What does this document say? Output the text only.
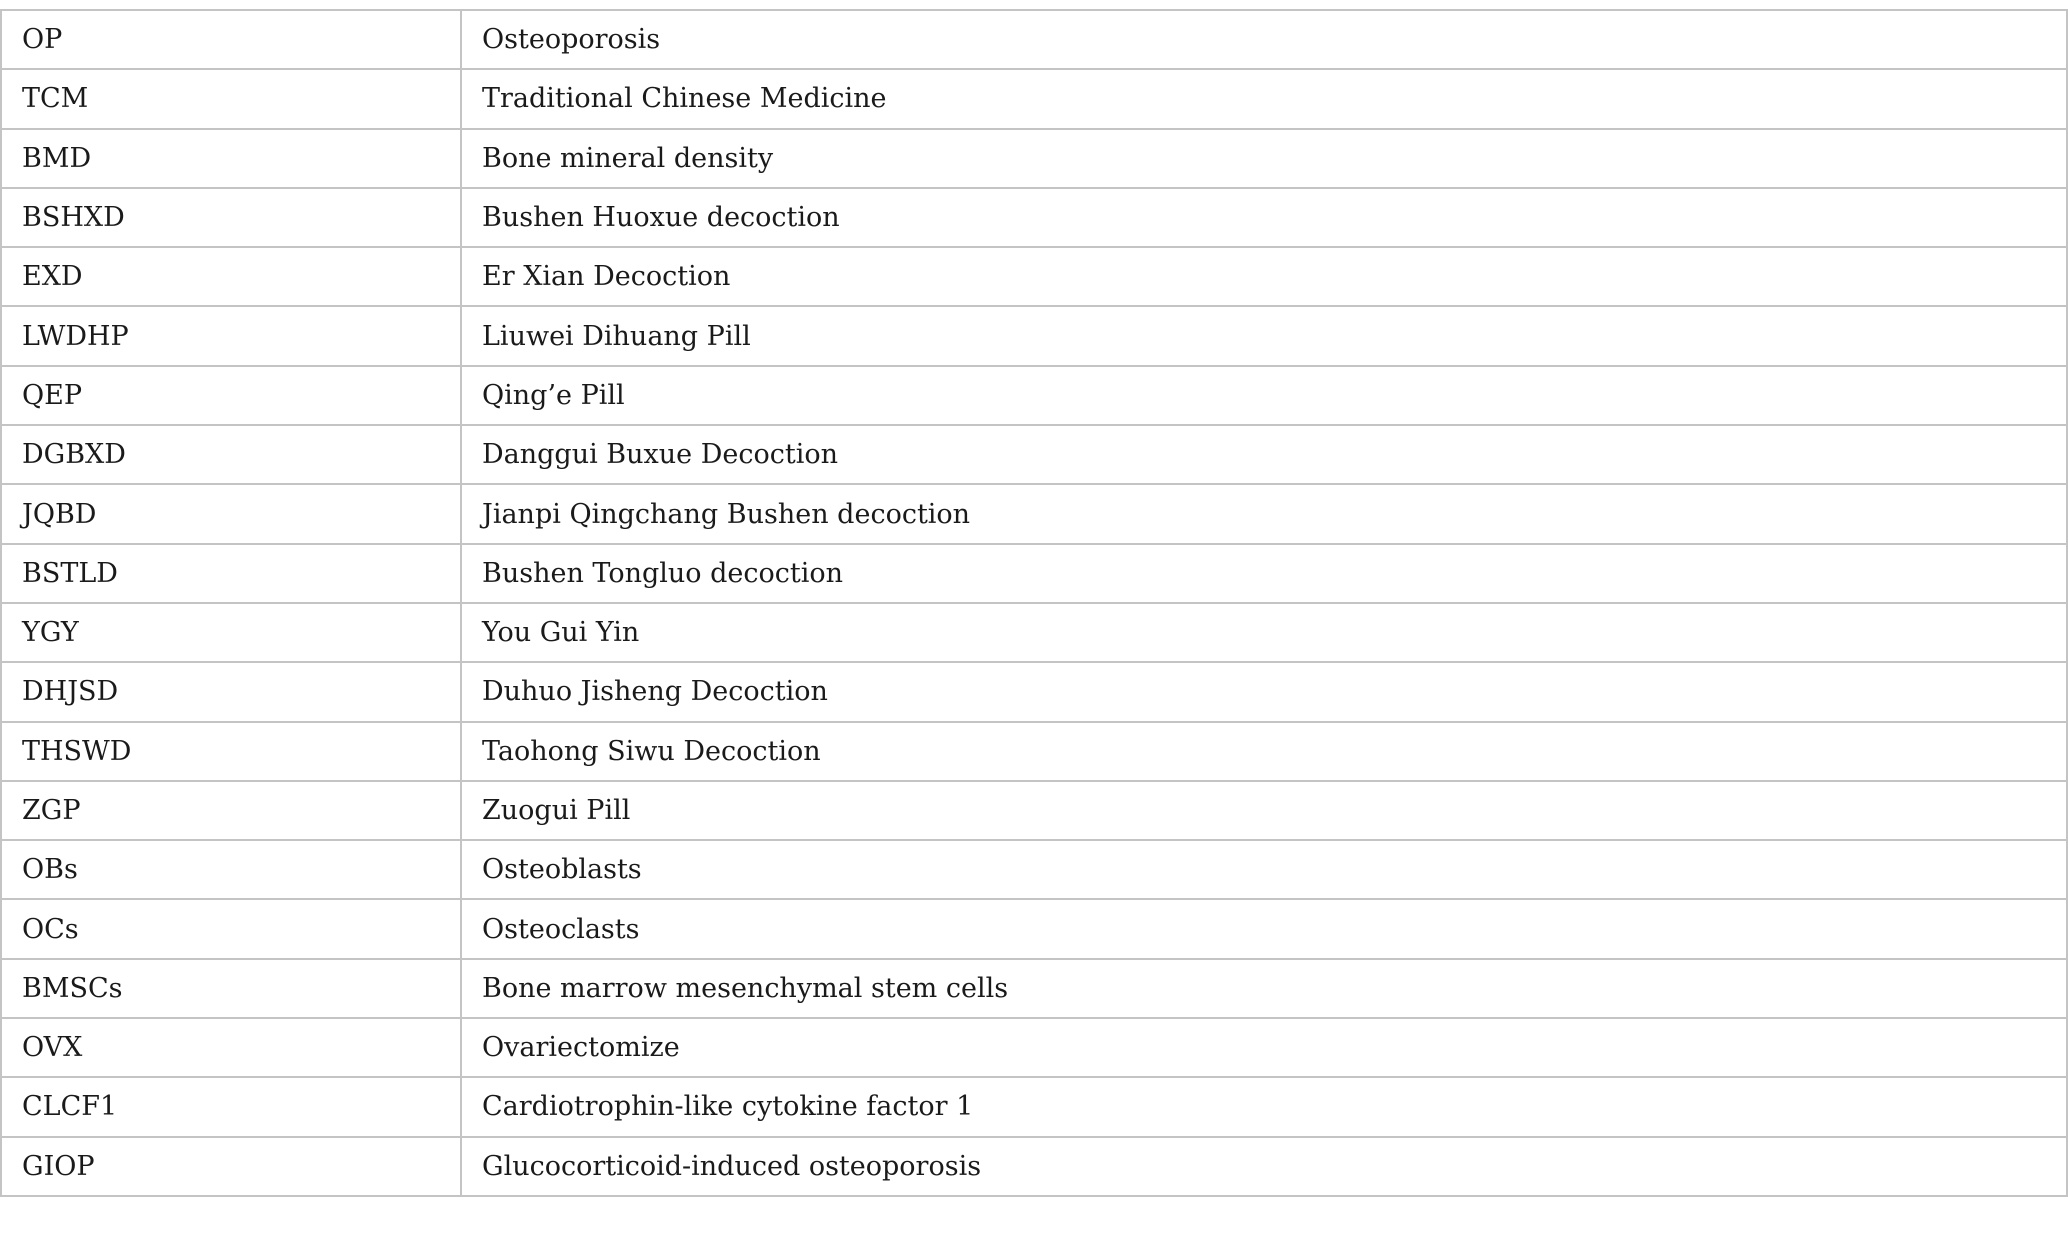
OP	Osteoporosis
TCM	Traditional Chinese Medicine
BMD	Bone mineral density
BSHXD	Bushen Huoxue decoction
EXD	Er Xian Decoction
LWDHP	Liuwei Dihuang Pill
QEP	Qing’e Pill
DGBXD	Danggui Buxue Decoction
JQBD	Jianpi Qingchang Bushen decoction
BSTLD	Bushen Tongluo decoction
YGY	You Gui Yin
DHJSD	Duhuo Jisheng Decoction
THSWD	Taohong Siwu Decoction
ZGP	Zuogui Pill
OBs	Osteoblasts
OCs	Osteoclasts
BMSCs	Bone marrow mesenchymal stem cells
OVX	Ovariectomize
CLCF1	Cardiotrophin-like cytokine factor 1
GIOP	Glucocorticoid-induced osteoporosis
